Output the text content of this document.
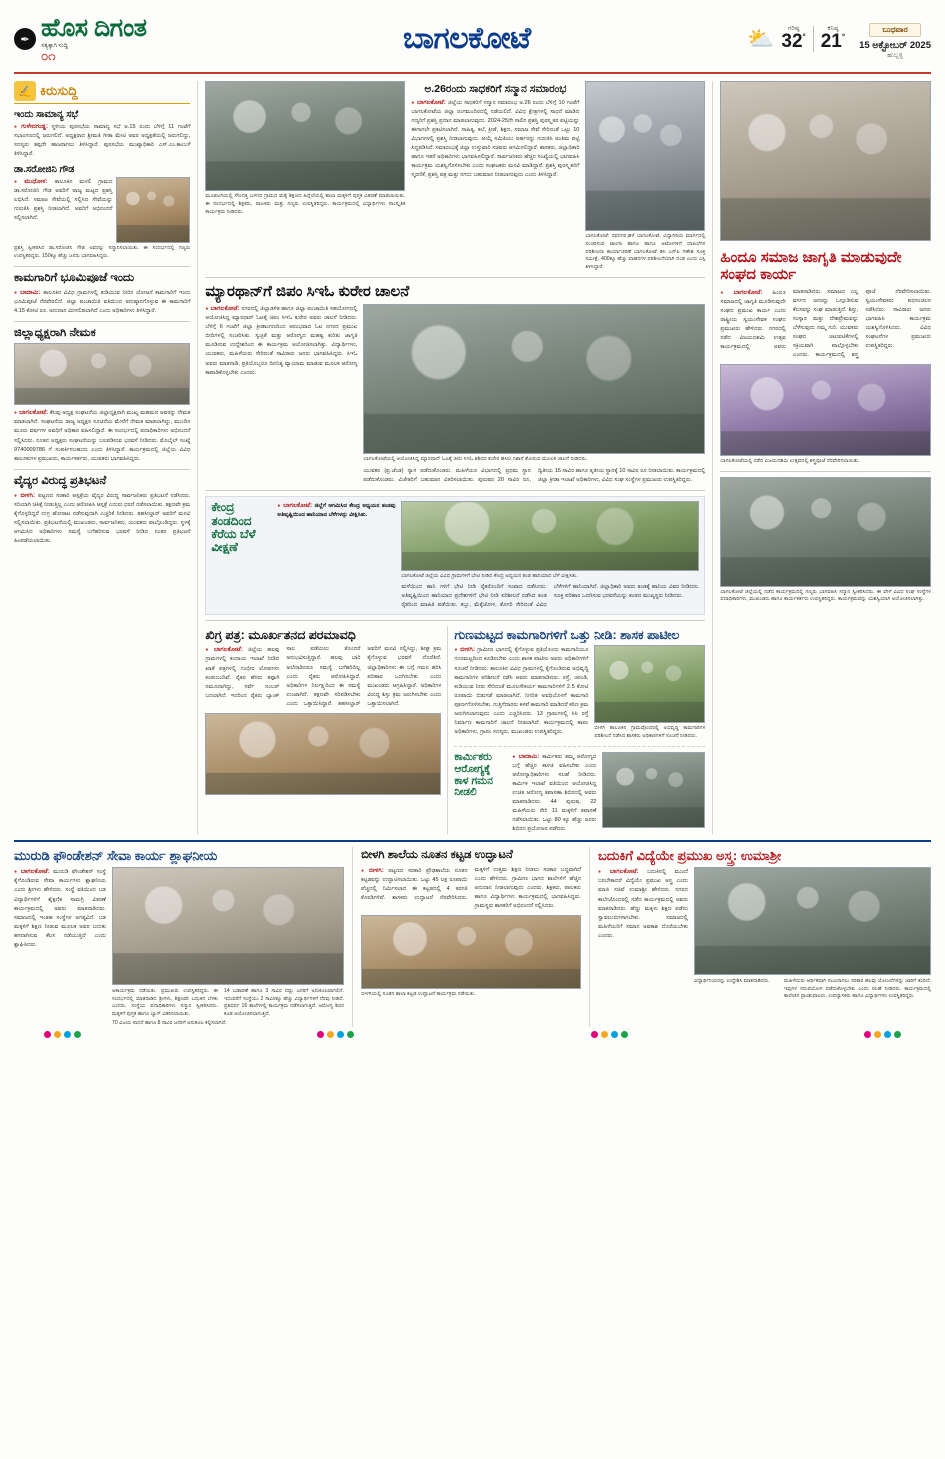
✒ ಹೊಸ ದಿಗಂತ
ಸತ್ಯಕ್ಕಾಗಿ ಸುದ್ದಿ
೦೧
ಬಾಗಲಕೋಟೆ	⛅	ಗರಿಷ್ಠ
32°
ಕನಿಷ್ಠ
21°
ಬುಧವಾರ
15 ಅಕ್ಟೋಬರ್ 2025
ಹುಬ್ಬಳ್ಳಿ
✍ ಕಿರುಸುದ್ದಿ
ಇಂದು ಸಾಮಾನ್ಯ ಸಭೆ
● ಗುಳೇದಗುಡ್ಡ: ಸ್ಥಳೀಯ ಪುರಸಭೆಯ ಸಾಮಾನ್ಯ ಸಭೆ ಅ.15 ರಂದು ಬೆಳಿಗ್ಗೆ 11 ಗಂಟೆಗೆ ಸಭಾಂಗಣದಲ್ಲಿ ಜರುಗಲಿದೆ. ಅಧ್ಯಕ್ಷರಾದ ಶ್ರೀಮತಿ ಗೀತಾ ಮೇಟಿ ಅವರ ಅಧ್ಯಕ್ಷತೆಯಲ್ಲಿ ಜರುಗಲಿದ್ದು, ಸದಸ್ಯರು ತಪ್ಪದೇ ಹಾಜರಾಗಲು ತಿಳಿಸಿದ್ದಾರೆ. ಪುರಸಭೆಯ ಮುಖ್ಯಾಧಿಕಾರಿ ಎಸ್.ಎಂ.ಕಾಂಬಳೆ ತಿಳಿಸಿದ್ದಾರೆ.
ಡಾ.ಸರೋಜಿನಿ ಗೌಡ
● ಮುಧೋಳ: ತಾಲೂಕಿನ ಮಳಲಿ ಗ್ರಾಮದ ಡಾ.ಸರೋಜಿನಿ ಗೌಡ ಅವರಿಗೆ ರಾಜ್ಯ ಮಟ್ಟದ ಪ್ರಶಸ್ತಿ ಲಭಿಸಿದೆ. ಸಮಾಜ ಸೇವೆಯಲ್ಲಿ ಸಲ್ಲಿಸಿದ ಸೇವೆಯನ್ನು ಗುರುತಿಸಿ ಪ್ರಶಸ್ತಿ ನೀಡಲಾಗಿದೆ. ಅವರಿಗೆ ಅಭಿನಂದನೆ ಸಲ್ಲಿಸಲಾಗಿದೆ.
ಪ್ರಶಸ್ತಿ ಸ್ವೀಕರಿಸಿದ ಡಾ.ಸರೋಜಿನಿ ಗೌಡ ಅವರನ್ನು ಸನ್ಮಾನಿಸಲಾಯಿತು. ಈ ಸಂದರ್ಭದಲ್ಲಿ ಗಣ್ಯರು ಉಪಸ್ಥಿತರಿದ್ದರು. 150ಕ್ಕೂ ಹೆಚ್ಚು ಜನರು ಭಾಗವಹಿಸಿದ್ದರು.
ಕಾಮಗಾರಿಗೆ ಭೂಮಿಪೂಜೆ ಇಂದು
● ಬಾದಾಮಿ: ತಾಲೂಕಿನ ವಿವಿಧ ಗ್ರಾಮಗಳಲ್ಲಿ ಕುಡಿಯುವ ನೀರಿನ ಯೋಜನೆ ಕಾಮಗಾರಿಗೆ ಇಂದು ಭೂಮಿಪೂಜೆ ನೆರವೇರಲಿದೆ. ಜಿಲ್ಲಾ ಪಂಚಾಯಿತಿ ವತಿಯಿಂದ ಅನುಷ್ಠಾನಗೊಳ್ಳುವ ಈ ಕಾಮಗಾರಿಗೆ 4.15 ಕೋಟಿ ರೂ. ಅನುದಾನ ಮೀಸಲಿಡಲಾಗಿದೆ ಎಂದು ಅಧಿಕಾರಿಗಳು ತಿಳಿಸಿದ್ದಾರೆ.
ಜಿಲ್ಲಾಧ್ಯಕ್ಷರಾಗಿ ನೇಮಕ
● ಬಾಗಲಕೋಟೆ: ಕೆಲವು ಅಧ್ಯಕ್ಷ ಸಂಘಟನೆಯ ಜಿಲ್ಲಾಧ್ಯಕ್ಷರಾಗಿ ಮುಖ್ಯ ಮಹಮದ ಅವರನ್ನು ನೇಮಕ ಮಾಡಲಾಗಿದೆ. ಸಂಘಟನೆಯ ರಾಜ್ಯ ಅಧ್ಯಕ್ಷರ ಸೂಚನೆಯ ಮೇರೆಗೆ ನೇಮಕ ಮಾಡಲಾಗಿದ್ದು, ಮುಂದಿನ ಮೂರು ವರ್ಷಗಳ ಅವಧಿಗೆ ಅಧಿಕಾರ ವಹಿಸಲಿದ್ದಾರೆ. ಈ ಸಂದರ್ಭದಲ್ಲಿ ಪದಾಧಿಕಾರಿಗಳು ಅಭಿನಂದನೆ ಸಲ್ಲಿಸಿದರು. ನೂತನ ಅಧ್ಯಕ್ಷರು ಸಂಘಟನೆಯನ್ನು ಬಲಪಡಿಸುವ ಭರವಸೆ ನೀಡಿದರು. ಮೊಬೈಲ್ ಸಂಖ್ಯೆ 9740009786 ಗೆ ಸಂಪರ್ಕಿಸಬಹುದು ಎಂದು ತಿಳಿಸಿದ್ದಾರೆ. ಕಾರ್ಯಕ್ರಮದಲ್ಲಿ ಜಿಲ್ಲೆಯ ವಿವಿಧ ತಾಲೂಕುಗಳ ಪ್ರಮುಖರು, ಕಾರ್ಯಕರ್ತರು, ಯುವಕರು ಭಾಗವಹಿಸಿದ್ದರು.
ವೈದ್ಯರ ವಿರುದ್ಧ ಪ್ರತಿಭಟನೆ
● ಬೀಳಗಿ: ಪಟ್ಟಣದ ಸರಕಾರಿ ಆಸ್ಪತ್ರೆಯ ವೈದ್ಯರ ವಿರುದ್ಧ ಸಾರ್ವಜನಿಕರು ಪ್ರತಿಭಟನೆ ನಡೆಸಿದರು. ಸರಿಯಾಗಿ ಚಿಕಿತ್ಸೆ ನೀಡುತ್ತಿಲ್ಲ ಎಂದು ಆರೋಪಿಸಿ ಆಸ್ಪತ್ರೆ ಎದುರು ಧರಣಿ ನಡೆಸಲಾಯಿತು. ತಕ್ಷಣವೇ ಕ್ರಮ ಕೈಗೊಳ್ಳದಿದ್ದರೆ ಉಗ್ರ ಹೋರಾಟ ನಡೆಸುವುದಾಗಿ ಎಚ್ಚರಿಕೆ ನೀಡಿದರು. ತಹಸೀಲ್ದಾರ್ ಅವರಿಗೆ ಮನವಿ ಸಲ್ಲಿಸಲಾಯಿತು. ಪ್ರತಿಭಟನೆಯಲ್ಲಿ ಮುಖಂಡರು, ಸಾರ್ವಜನಿಕರು, ಯುವಕರು ಪಾಲ್ಗೊಂಡಿದ್ದರು. ಸ್ಥಳಕ್ಕೆ ಆಗಮಿಸಿದ ಅಧಿಕಾರಿಗಳು ಸಮಸ್ಯೆ ಬಗೆಹರಿಸುವ ಭರವಸೆ ನೀಡಿದ ನಂತರ ಪ್ರತಿಭಟನೆ ಹಿಂಪಡೆಯಲಾಯಿತು.
ಮೂಡಲಗಿಯಲ್ಲಿ ಸೌಂದತ್ತಿ ಬಳಗದ ಗ್ರಾಮದ ಮಕ್ಕೆ ಶಿಕ್ಷಣದ ಹಿನ್ನೆಲೆಯಲ್ಲಿ ಶಾಲಾ ಮಕ್ಕಳಿಗೆ ಪುಸ್ತಕ ವಿತರಣೆ ಮಾಡಲಾಯಿತು. ಈ ಸಂದರ್ಭದಲ್ಲಿ ಶಿಕ್ಷಕರು, ಪಾಲಕರು ಮತ್ತು ಗಣ್ಯರು ಉಪಸ್ಥಿತರಿದ್ದರು. ಕಾರ್ಯಕ್ರಮದಲ್ಲಿ ವಿದ್ಯಾರ್ಥಿಗಳು ಸಾಂಸ್ಕೃತಿಕ ಕಾರ್ಯಕ್ರಮ ನೀಡಿದರು.
ಅ.26ರಂದು ಸಾಧಕರಿಗೆ ಸನ್ಮಾನ ಸಮಾರಂಭ
● ಬಾಗಲಕೋಟೆ: ಜಿಲ್ಲೆಯ ಸಾಧಕರಿಗೆ ಸನ್ಮಾನ ಸಮಾರಂಭ ಅ.26 ರಂದು ಬೆಳಿಗ್ಗೆ 10 ಗಂಟೆಗೆ ಬಾಗಲಕೋಟೆಯ ಜಿಲ್ಲಾ ರಂಗಮಂದಿರದಲ್ಲಿ ನಡೆಯಲಿದೆ. ವಿವಿಧ ಕ್ಷೇತ್ರಗಳಲ್ಲಿ ಸಾಧನೆ ಮಾಡಿದ ಗಣ್ಯರಿಗೆ ಪ್ರಶಸ್ತಿ ಪ್ರದಾನ ಮಾಡಲಾಗುವುದು. 2024-25ನೇ ಸಾಲಿನ ಪ್ರಶಸ್ತಿ ಪುರಸ್ಕೃತರ ಪಟ್ಟಿಯನ್ನು ಈಗಾಗಲೇ ಪ್ರಕಟಿಸಲಾಗಿದೆ. ಸಾಹಿತ್ಯ, ಕಲೆ, ಕ್ರೀಡೆ, ಶಿಕ್ಷಣ, ಸಮಾಜ ಸೇವೆ ಸೇರಿದಂತೆ ಒಟ್ಟು 10 ವಿಭಾಗಗಳಲ್ಲಿ ಪ್ರಶಸ್ತಿ ನೀಡಲಾಗುವುದು. ಆಯ್ಕೆ ಸಮಿತಿಯು ಅರ್ಹರನ್ನು ಗುರುತಿಸಿ ಅಂತಿಮ ಪಟ್ಟಿ ಸಿದ್ಧಪಡಿಸಿದೆ. ಸಮಾರಂಭಕ್ಕೆ ಜಿಲ್ಲಾ ಉಸ್ತುವಾರಿ ಸಚಿವರು ಆಗಮಿಸಲಿದ್ದಾರೆ. ಶಾಸಕರು, ಜಿಲ್ಲಾಧಿಕಾರಿ ಹಾಗೂ ಇತರೆ ಅಧಿಕಾರಿಗಳು ಭಾಗವಹಿಸಲಿದ್ದಾರೆ. ಸಾರ್ವಜನಿಕರು ಹೆಚ್ಚಿನ ಸಂಖ್ಯೆಯಲ್ಲಿ ಭಾಗವಹಿಸಿ ಕಾರ್ಯಕ್ರಮ ಯಶಸ್ವಿಗೊಳಿಸಬೇಕು ಎಂದು ಸಂಘಟಕರು ಮನವಿ ಮಾಡಿದ್ದಾರೆ. ಪ್ರಶಸ್ತಿ ಪುರಸ್ಕೃತರಿಗೆ ಸ್ಮರಣಿಕೆ, ಪ್ರಶಸ್ತಿ ಪತ್ರ ಮತ್ತು ನಗದು ಬಹುಮಾನ ನೀಡಲಾಗುವುದು ಎಂದು ತಿಳಿಸಿದ್ದಾರೆ.
ಬಾಗಲಕೋಟೆ: ನವನಗರ,ಹಳೆ ಬಾಗಲಕೋಟೆ, ವಿದ್ಯಾಗಿರಿಯ ಮಾರ್ಗದಲ್ಲಿ ಸಂಚರಿಸುವ ಟಾಂಗಾ ಹಾಗೂ ಹಾಗೂ ಆಟೋಗಳಿಗೆ ದಾಖಲೆಗಳ ಪರಿಶೀಲನಾ ಕಾರ್ಯಾಚರಣೆ ಬಾಗಲಕೋಟೆ ಡಿಸಿ ಎಸ್‌ಪಿ ಗಣೇಶ ಸೂಕ್ತ ಸಮೀಕ್ಷೆ. 400ಕ್ಕೂ ಹೆಚ್ಚು ವಾಹನಗಳ ಪರಿಶೀಲನೆಯಾಗಿ ದಂಡ ಎಂದು ಎಸ್ಪಿ ತಿಳಿಸಿದ್ದಾರೆ.
ಮ್ಯಾರಥಾನ್‌ಗೆ ಜಿಪಂ ಸಿಇಓ ಕುರೇರ ಚಾಲನೆ
● ಬಾಗಲಕೋಟೆ: ನಗರದಲ್ಲಿ ಜಿಲ್ಲಾಡಳಿತ ಹಾಗೂ ಜಿಲ್ಲಾ ಪಂಚಾಯಿತಿ ಸಹಯೋಗದಲ್ಲಿ ಆಯೋಜಿಸಿದ್ದ ಮ್ಯಾರಥಾನ್ ಓಟಕ್ಕೆ ಜಿಪಂ ಸಿಇಓ ಕುರೇರ ಅವರು ಚಾಲನೆ ನೀಡಿದರು. ಬೆಳಿಗ್ಗೆ 6 ಗಂಟೆಗೆ ಜಿಲ್ಲಾ ಕ್ರೀಡಾಂಗಣದಿಂದ ಆರಂಭವಾದ ಓಟ ನಗರದ ಪ್ರಮುಖ ಬೀದಿಗಳಲ್ಲಿ ಸಂಚರಿಸಿತು. ಸ್ವಚ್ಛತೆ ಮತ್ತು ಆರೋಗ್ಯದ ಮಹತ್ವ ಕುರಿತು ಜಾಗೃತಿ ಮೂಡಿಸುವ ಉದ್ದೇಶದಿಂದ ಈ ಕಾರ್ಯಕ್ರಮ ಆಯೋಜಿಸಲಾಗಿತ್ತು. ವಿದ್ಯಾರ್ಥಿಗಳು, ಯುವಕರು, ಮಹಿಳೆಯರು ಸೇರಿದಂತೆ ಸಾವಿರಾರು ಜನರು ಭಾಗವಹಿಸಿದ್ದರು. ಸಿಇಓ ಅವರು ಮಾತನಾಡಿ, ಪ್ರತಿಯೊಬ್ಬರೂ ದಿನನಿತ್ಯ ವ್ಯಾಯಾಮ ಮಾಡುವ ಮೂಲಕ ಆರೋಗ್ಯ ಕಾಪಾಡಿಕೊಳ್ಳಬೇಕು ಎಂದರು.
ಬಾಗಲಕೋಟೆಯಲ್ಲಿ ಆಯೋಜಿಸಿದ್ದ ಮ್ಯಾರಥಾನ್ ಓಟಕ್ಕೆ ಜಿಪಂ ಸಿಇಓ ಶಶಿಧರ ಕುರೇರ ಹಸಿರು ನಿಶಾನೆ ತೋರುವ ಮೂಲಕ ಚಾಲನೆ ನೀಡಿದರು.
ಯುವಕರ (ಪ್ರ.ಜೆಂಡ) ನ್ಯಾಸ ಪಡೆದುಕೊಂಡರು. ಮಹಿಳೆಯರ ವಿಭಾಗದಲ್ಲಿ ಪ್ರಥಮ ಸ್ಥಾನ ಪಡೆದುಕೊಂಡರು. ವಿಜೇತರಿಗೆ ಬಹುಮಾನ ವಿತರಿಸಲಾಯಿತು. ಪುರುಷರ 20 ಸಾವಿರ ರೂ, ದ್ವಿತೀಯ 15 ಸಾವಿರ ಹಾಗೂ ತೃತೀಯ ಸ್ಥಾನಕ್ಕೆ 10 ಸಾವಿರ ರೂ ನೀಡಲಾಯಿತು. ಕಾರ್ಯಕ್ರಮದಲ್ಲಿ ಜಿಲ್ಲಾ ಕ್ರೀಡಾ ಇಲಾಖೆ ಅಧಿಕಾರಿಗಳು, ವಿವಿಧ ಸಂಘ ಸಂಸ್ಥೆಗಳ ಪ್ರಮುಖರು ಉಪಸ್ಥಿತರಿದ್ದರು.
ಕೇಂದ್ರ ತಂಡದಿಂದ ಕೆರೆಯ ಬೆಳೆ ವೀಕ್ಷಣೆ
● ಬಾಗಲಕೋಟೆ: ಜಿಲ್ಲೆಗೆ ಆಗಮಿಸಿದ ಕೇಂದ್ರ ಅಧ್ಯಯನ ತಂಡವು ಅತಿವೃಷ್ಟಿಯಿಂದ ಹಾನಿಯಾದ ಬೆಳೆಗಳನ್ನು ವೀಕ್ಷಿಸಿತು.
ಬಾಗಲಕೋಟೆ ಜಿಲ್ಲೆಯ ವಿವಿಧ ಗ್ರಾಮಗಳಿಗೆ ಭೇಟಿ ನೀಡಿದ ಕೇಂದ್ರ ಅಧ್ಯಯನ ತಂಡ ಹಾನಿಯಾದ ಬೆಳೆ ವೀಕ್ಷಿಸಿತು.
ಮಳೆಯಿಂದ ಹಾನಿ ಗಳಿಗೆ ಭೇಟಿ ನೀಡಿ ರೈತರೊಂದಿಗೆ ಸಂವಾದ ನಡೆಸಿದರು. ಅತಿವೃಷ್ಟಿಯಿಂದ ಹಾನಿಯಾದ ಪ್ರದೇಶಗಳಿಗೆ ಭೇಟಿ ನೀಡಿ ಪರಿಶೀಲನೆ ನಡೆಸಿದ ತಂಡ ರೈತರಿಂದ ಮಾಹಿತಿ ಪಡೆಯಿತು. ಕಬ್ಬು, ಮೆಕ್ಕೆಜೋಳ, ತೊಗರಿ ಸೇರಿದಂತೆ ವಿವಿಧ ಬೆಳೆಗಳಿಗೆ ಹಾನಿಯಾಗಿದೆ. ಜಿಲ್ಲಾಧಿಕಾರಿ ಅವರು ತಂಡಕ್ಕೆ ಹಾನಿಯ ವಿವರ ನೀಡಿದರು. ಸೂಕ್ತ ಪರಿಹಾರ ಒದಗಿಸುವ ಭರವಸೆಯನ್ನು ತಂಡದ ಮುಖ್ಯಸ್ಥರು ನೀಡಿದರು.
ಖಿಗ್ರ ಪತ್ರ: ಮೂರ್ಖತನದ ಪರಮಾವಧಿ
● ಬಾಗಲಕೋಟೆ: ಜಿಲ್ಲೆಯ ಹಲವು ಗ್ರಾಮಗಳಲ್ಲಿ ಕಂದಾಯ ಇಲಾಖೆ ನೀಡಿದ ಖಾತೆ ಪತ್ರಗಳಲ್ಲಿ ಗಂಭೀರ ಲೋಪಗಳು ಕಂಡುಬಂದಿವೆ. ರೈತರ ಹೆಸರು ತಪ್ಪಾಗಿ ನಮೂದಾಗಿದ್ದು, ಸರ್ವೆ ನಂಬರ್ ಬದಲಾಗಿದೆ. ಇದರಿಂದ ರೈತರು ಬ್ಯಾಂಕ್ ಸಾಲ ಪಡೆಯಲು ತೊಂದರೆ ಅನುಭವಿಸುತ್ತಿದ್ದಾರೆ. ಹಲವು ಬಾರಿ ಅಲೆದಾಡಿದರೂ ಸಮಸ್ಯೆ ಬಗೆಹರಿದಿಲ್ಲ ಎಂದು ರೈತರು ಆರೋಪಿಸಿದ್ದಾರೆ. ಅಧಿಕಾರಿಗಳ ನಿರ್ಲಕ್ಷ್ಯದಿಂದ ಈ ಸಮಸ್ಯೆ ಉಂಟಾಗಿದೆ. ತಕ್ಷಣವೇ ಸರಿಪಡಿಸಬೇಕು ಎಂದು ಒತ್ತಾಯಿಸಿದ್ದಾರೆ. ತಹಸೀಲ್ದಾರ್ ಅವರಿಗೆ ಮನವಿ ಸಲ್ಲಿಸಿದ್ದು, ಶೀಘ್ರ ಕ್ರಮ ಕೈಗೊಳ್ಳುವ ಭರವಸೆ ದೊರೆತಿದೆ. ಜಿಲ್ಲಾಧಿಕಾರಿಗಳು ಈ ಬಗ್ಗೆ ಗಮನ ಹರಿಸಿ ಪರಿಹಾರ ಒದಗಿಸಬೇಕು ಎಂದು ಮುಖಂಡರು ಆಗ್ರಹಿಸಿದ್ದಾರೆ. ಅಧಿಕಾರಿಗಳ ವಿರುದ್ಧ ಶಿಸ್ತು ಕ್ರಮ ಜರುಗಿಸಬೇಕು ಎಂದು ಒತ್ತಾಯಿಸಲಾಗಿದೆ.
ಗುಣಮಟ್ಟದ ಕಾಮಗಾರಿಗಳಿಗೆ ಒತ್ತು ನೀಡಿ: ಶಾಸಕ ಪಾಟೀಲ
● ಬೀಳಗಿ: ಗ್ರಾಮೀಣ ಭಾಗದಲ್ಲಿ ಕೈಗೊಳ್ಳುವ ಪ್ರತಿಯೊಂದು ಕಾಮಗಾರಿಯೂ ಗುಣಮಟ್ಟದಿಂದ ಕೂಡಿರಬೇಕು ಎಂದು ಶಾಸಕ ಪಾಟೀಲ ಅವರು ಅಧಿಕಾರಿಗಳಿಗೆ ಸೂಚನೆ ನೀಡಿದರು. ತಾಲೂಕಿನ ವಿವಿಧ ಗ್ರಾಮಗಳಲ್ಲಿ ಕೈಗೊಂಡಿರುವ ಅಭಿವೃದ್ಧಿ ಕಾಮಗಾರಿಗಳ ಪರಿಶೀಲನೆ ನಡೆಸಿ ಅವರು ಮಾತನಾಡಿದರು. ರಸ್ತೆ, ಚರಂಡಿ, ಕುಡಿಯುವ ನೀರು ಸೇರಿದಂತೆ ಮೂಲಸೌಕರ್ಯ ಕಾಮಗಾರಿಗಳಿಗೆ 2.5 ಕೋಟಿ ರೂಪಾಯಿ ಬಿಡುಗಡೆ ಮಾಡಲಾಗಿದೆ. ನಿಗದಿತ ಅವಧಿಯೊಳಗೆ ಕಾಮಗಾರಿ ಪೂರ್ಣಗೊಳಿಸಬೇಕು. ಗುತ್ತಿಗೆದಾರರು ಕಳಪೆ ಕಾಮಗಾರಿ ಮಾಡಿದರೆ ಕಠಿಣ ಕ್ರಮ ಜರುಗಿಸಲಾಗುವುದು ಎಂದು ಎಚ್ಚರಿಸಿದರು. 13 ಗ್ರಾಮಗಳಲ್ಲಿ ಸಿಸಿ ರಸ್ತೆ ನಿರ್ಮಾಣ ಕಾಮಗಾರಿಗೆ ಚಾಲನೆ ನೀಡಲಾಗಿದೆ. ಕಾರ್ಯಕ್ರಮದಲ್ಲಿ ತಾಪಂ ಅಧಿಕಾರಿಗಳು, ಗ್ರಾಪಂ ಸದಸ್ಯರು, ಮುಖಂಡರು ಉಪಸ್ಥಿತರಿದ್ದರು.
ಬೀಳಗಿ ತಾಲೂಕಿನ ಗ್ರಾಮವೊಂದರಲ್ಲಿ ಅಭಿವೃದ್ಧಿ ಕಾಮಗಾರಿಗಳ ಪರಿಶೀಲನೆ ನಡೆಸಿದ ಶಾಸಕರು ಅಧಿಕಾರಿಗಳಿಗೆ ಸೂಚನೆ ನೀಡಿದರು.
ಕಾರ್ಮಿಕರು ಆರೋಗ್ಯಕ್ಕೆ ಕಾಳ ಗಮನ ನೀಡಲಿ
● ಬಾದಾಮಿ: ಕಾರ್ಮಿಕರು ತಮ್ಮ ಆರೋಗ್ಯದ ಬಗ್ಗೆ ಹೆಚ್ಚಿನ ಕಾಳಜಿ ವಹಿಸಬೇಕು ಎಂದು ಆರೋಗ್ಯಾಧಿಕಾರಿಗಳು ಸಲಹೆ ನೀಡಿದರು. ಕಾರ್ಮಿಕ ಇಲಾಖೆ ವತಿಯಿಂದ ಆಯೋಜಿಸಿದ್ದ ಉಚಿತ ಆರೋಗ್ಯ ತಪಾಸಣಾ ಶಿಬಿರದಲ್ಲಿ ಅವರು ಮಾತನಾಡಿದರು. 44 ಪುರುಷ, 22 ಮಹಿಳೆಯರು ಸೇರಿ 11 ಮಕ್ಕಳಿಗೆ ತಪಾಸಣೆ ನಡೆಸಲಾಯಿತು. ಒಟ್ಟು 80 ಕ್ಕೂ ಹೆಚ್ಚು ಜನರು ಶಿಬಿರದ ಪ್ರಯೋಜನ ಪಡೆದರು.
ಹಿಂದೂ ಸಮಾಜ ಜಾಗೃತಿ ಮಾಡುವುದೇ ಸಂಘದ ಕಾರ್ಯ
● ಬಾಗಲಕೋಟೆ: ಹಿಂದೂ ಸಮಾಜದಲ್ಲಿ ಜಾಗೃತಿ ಮೂಡಿಸುವುದೇ ಸಂಘದ ಪ್ರಮುಖ ಕಾರ್ಯ ಎಂದು ರಾಷ್ಟ್ರೀಯ ಸ್ವಯಂಸೇವಕ ಸಂಘದ ಪ್ರಮುಖರು ಹೇಳಿದರು. ನಗರದಲ್ಲಿ ನಡೆದ ವಿಜಯದಶಮಿ ಉತ್ಸವ ಕಾರ್ಯಕ್ರಮದಲ್ಲಿ ಅವರು ಮಾತನಾಡಿದರು. ಸಮಾಜದ ಎಲ್ಲ ವರ್ಗದ ಜನರನ್ನು ಒಗ್ಗೂಡಿಸುವ ಕೆಲಸವನ್ನು ಸಂಘ ಮಾಡುತ್ತಿದೆ. ಶಿಸ್ತು, ಸಂಸ್ಕಾರ ಮತ್ತು ದೇಶಪ್ರೇಮವನ್ನು ಬೆಳೆಸುವುದು ನಮ್ಮ ಗುರಿ. ಯುವಕರು ಸಂಘದ ಚಟುವಟಿಕೆಗಳಲ್ಲಿ ಸಕ್ರಿಯವಾಗಿ ಪಾಲ್ಗೊಳ್ಳಬೇಕು ಎಂದರು. ಕಾರ್ಯಕ್ರಮದಲ್ಲಿ ಶಸ್ತ್ರ ಪೂಜೆ ನೆರವೇರಿಸಲಾಯಿತು. ಸ್ವಯಂಸೇವಕರು ಪಥಸಂಚಲನ ನಡೆಸಿದರು. ಸಾವಿರಾರು ಜನರು ಭಾಗವಹಿಸಿ ಕಾರ್ಯಕ್ರಮ ಯಶಸ್ವಿಗೊಳಿಸಿದರು. ವಿವಿಧ ಸಂಘಟನೆಗಳ ಪ್ರಮುಖರು ಉಪಸ್ಥಿತರಿದ್ದರು.
ಬಾಗಲಕೋಟೆಯಲ್ಲಿ ನಡೆದ ವಿಜಯದಶಮಿ ಉತ್ಸವದಲ್ಲಿ ಶಸ್ತ್ರಪೂಜೆ ನೆರವೇರಿಸಲಾಯಿತು.
ಬಾಗಲಕೋಟೆ ಜಿಲ್ಲೆಯಲ್ಲಿ ನಡೆದ ಕಾರ್ಯಕ್ರಮದಲ್ಲಿ ಗಣ್ಯರು ಭಾಗವಹಿಸಿ ಸನ್ಮಾನ ಸ್ವೀಕರಿಸಿದರು. ಈ ವೇಳೆ ವಿವಿಧ ಸಂಘ ಸಂಸ್ಥೆಗಳ ಪದಾಧಿಕಾರಿಗಳು, ಮುಖಂಡರು ಹಾಗೂ ಕಾರ್ಯಕರ್ತರು ಉಪಸ್ಥಿತರಿದ್ದರು. ಕಾರ್ಯಕ್ರಮವನ್ನು ಯಶಸ್ವಿಯಾಗಿ ಆಯೋಜಿಸಲಾಗಿತ್ತು.
ಮುರುಡಿ ಫೌಂಡೇಶನ್ ಸೇವಾ ಕಾರ್ಯ ಶ್ಲಾಘನೀಯ
● ಬಾಗಲಕೋಟೆ: ಮುರುಡಿ ಫೌಂಡೇಶನ್ ಸಂಸ್ಥೆ ಕೈಗೊಂಡಿರುವ ಸೇವಾ ಕಾರ್ಯಗಳು ಶ್ಲಾಘನೀಯ ಎಂದು ಶ್ರೀಗಳು ಹೇಳಿದರು. ಸಂಸ್ಥೆ ವತಿಯಿಂದ ಬಡ ವಿದ್ಯಾರ್ಥಿಗಳಿಗೆ ಶೈಕ್ಷಣಿಕ ಸಾಮಗ್ರಿ ವಿತರಣೆ ಕಾರ್ಯಕ್ರಮದಲ್ಲಿ ಅವರು ಮಾತನಾಡಿದರು. ಸಮಾಜದಲ್ಲಿ ಇಂತಹ ಸಂಸ್ಥೆಗಳ ಅಗತ್ಯವಿದೆ. ಬಡ ಮಕ್ಕಳಿಗೆ ಶಿಕ್ಷಣ ನೀಡುವ ಮೂಲಕ ಅವರ ಬದುಕು ಹಸನಾಗಿಸುವ ಕೆಲಸ ನಡೆಯುತ್ತಿದೆ ಎಂದು ಶ್ಲಾಘಿಸಿದರು.
ಅಕಾರ್ಯಕ್ರಮ ನಡೆಯಿತು. ಪ್ರಮುಖರು ಉಪಸ್ಥಿತರಿದ್ದರು. ಈ ಸಂದರ್ಭದಲ್ಲಿ ಮಾತನಾಡಿದ ಶ್ರೀಗಳು, ಶಿಕ್ಷಣವೇ ಬದುಕಿನ ಬೆಳಕು ಎಂದರು. ಸಂಸ್ಥೆಯ ಪದಾಧಿಕಾರಿಗಳು ಸನ್ಮಾನ ಸ್ವೀಕರಿಸಿದರು. ಮಕ್ಕಳಿಗೆ ಪುಸ್ತಕ ಹಾಗೂ ಬ್ಯಾಗ್ ವಿತರಿಸಲಾಯಿತು.
14 ಬಡಾವಣೆ ಹಾಗೂ 3 ಸಾವಿರ ದಷ್ಟು ಜನರಿಗೆ ಅನುಕೂಲವಾಗಲಿದೆ. ಇದುವರೆಗೆ ಸಂಸ್ಥೆಯು 2 ಸಾವಿರಕ್ಕೂ ಹೆಚ್ಚು ವಿದ್ಯಾರ್ಥಿಗಳಿಗೆ ನೆರವು ನೀಡಿದೆ. ಪ್ರತಿವರ್ಷ 16 ಶಾಲೆಗಳಲ್ಲಿ ಕಾರ್ಯಕ್ರಮ ನಡೆಸಲಾಗುತ್ತಿದೆ. ಆರೋಗ್ಯ ಶಿಬಿರ ಕೂಡ ಆಯೋಜಿಸಲಾಗುತ್ತಿದೆ.
70 ವಿಜಯ ಸಾಧನೆ ಹಾಗೂ 8 ಸಾವಿರ ಜನರಿಗೆ ಅನುಕೂಲ ಕಲ್ಪಿಸಲಾಗಿದೆ.
ಬೀಳಗಿ ಶಾಲೆಯ ನೂತನ ಕಟ್ಟಡ ಉದ್ಘಾಟನೆ
● ಬೀಳಗಿ: ಪಟ್ಟಣದ ಸರಕಾರಿ ಪ್ರೌಢಶಾಲೆಯ ನೂತನ ಕಟ್ಟಡವನ್ನು ಉದ್ಘಾಟಿಸಲಾಯಿತು. ಒಟ್ಟು 45 ಲಕ್ಷ ರೂಪಾಯಿ ವೆಚ್ಚದಲ್ಲಿ ನಿರ್ಮಿಸಲಾದ ಈ ಕಟ್ಟಡದಲ್ಲಿ 4 ತರಗತಿ ಕೊಠಡಿಗಳಿವೆ. ಶಾಸಕರು ಉದ್ಘಾಟನೆ ನೆರವೇರಿಸಿದರು. ಮಕ್ಕಳಿಗೆ ಉತ್ತಮ ಶಿಕ್ಷಣ ನೀಡಲು ಸರಕಾರ ಬದ್ಧವಾಗಿದೆ ಎಂದು ಹೇಳಿದರು. ಗ್ರಾಮೀಣ ಭಾಗದ ಶಾಲೆಗಳಿಗೆ ಹೆಚ್ಚಿನ ಅನುದಾನ ನೀಡಲಾಗುವುದು ಎಂದರು. ಶಿಕ್ಷಕರು, ಪಾಲಕರು ಹಾಗೂ ವಿದ್ಯಾರ್ಥಿಗಳು ಕಾರ್ಯಕ್ರಮದಲ್ಲಿ ಭಾಗವಹಿಸಿದ್ದರು. ಗ್ರಾಮಸ್ಥರು ಶಾಸಕರಿಗೆ ಅಭಿನಂದನೆ ಸಲ್ಲಿಸಿದರು.
ಬೀಳಗಿಯಲ್ಲಿ ನೂತನ ಶಾಲಾ ಕಟ್ಟಡ ಉದ್ಘಾಟನೆ ಕಾರ್ಯಕ್ರಮ ನಡೆಯಿತು.
ಬದುಕಿಗೆ ವಿದ್ಯೆಯೇ ಪ್ರಮುಖ ಅಸ್ತ್ರ: ಉಮಾಶ್ರೀ
● ಬಾಗಲಕೋಟೆ: ಬದುಕಿನಲ್ಲಿ ಮುಂದೆ ಬರಬೇಕಾದರೆ ವಿದ್ಯೆಯೇ ಪ್ರಮುಖ ಅಸ್ತ್ರ ಎಂದು ಮಾಜಿ ಸಚಿವೆ ಉಮಾಶ್ರೀ ಹೇಳಿದರು. ನಗರದ ಕಾಲೇಜೊಂದರಲ್ಲಿ ನಡೆದ ಕಾರ್ಯಕ್ರಮದಲ್ಲಿ ಅವರು ಮಾತನಾಡಿದರು. ಹೆಣ್ಣು ಮಕ್ಕಳು ಶಿಕ್ಷಣ ಪಡೆದು ಸ್ವಾವಲಂಬಿಗಳಾಗಬೇಕು. ಸಮಾಜದಲ್ಲಿ ಮಹಿಳೆಯರಿಗೆ ಸಮಾನ ಅವಕಾಶ ದೊರೆಯಬೇಕು ಎಂದರು.
ವಿದ್ಯಾರ್ಥಿನಿಯರನ್ನು ಉದ್ದೇಶಿಸಿ ಮಾತನಾಡಿದರು.	ಮಹಿಳೆಯರು ಆರ್ಥಿಕವಾಗಿ ಸಬಲರಾಗಲು ಸರಕಾರ ಹಲವು ಯೋಜನೆಗಳನ್ನು ಜಾರಿಗೆ ತಂದಿದೆ. ಇವುಗಳ ಸದುಪಯೋಗ ಪಡೆದುಕೊಳ್ಳಬೇಕು ಎಂದು ಸಲಹೆ ನೀಡಿದರು. ಕಾರ್ಯಕ್ರಮದಲ್ಲಿ ಕಾಲೇಜಿನ ಪ್ರಾಂಶುಪಾಲರು, ಉಪನ್ಯಾಸಕರು ಹಾಗೂ ವಿದ್ಯಾರ್ಥಿಗಳು ಉಪಸ್ಥಿತರಿದ್ದರು.
